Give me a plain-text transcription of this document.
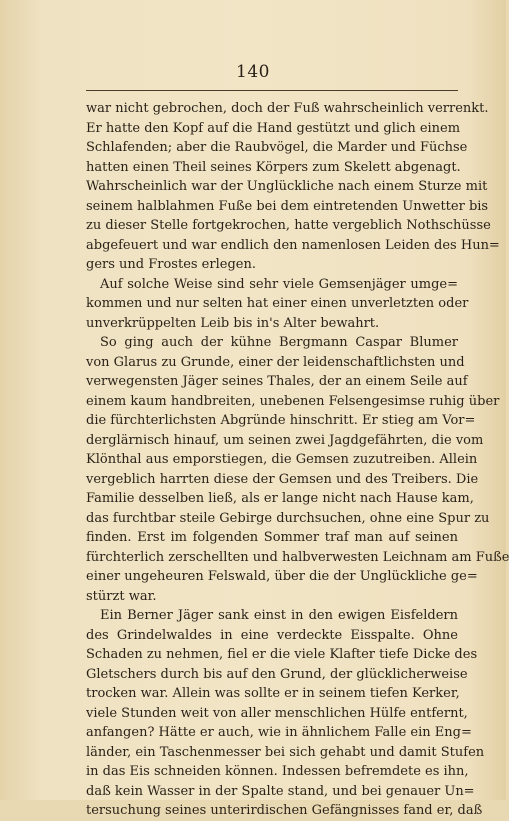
140
war nicht gebrochen, doch der Fuß wahrscheinlich verrenkt.
Er hatte den Kopf auf die Hand gestützt und glich einem
Schlafenden; aber die Raubvögel, die Marder und Füchse
hatten einen Theil seines Körpers zum Skelett abgenagt.
Wahrscheinlich war der Unglückliche nach einem Sturze mit
seinem halblahmen Fuße bei dem eintretenden Unwetter bis
zu dieser Stelle fortgekrochen, hatte vergeblich Nothschüsse
abgefeuert und war endlich den namenlosen Leiden des Hun=
gers und Frostes erlegen.
Auf solche Weise sind sehr viele Gemsenjäger umge=
kommen und nur selten hat einer einen unverletzten oder
unverkrüppelten Leib bis in's Alter bewahrt.
So ging auch der kühne Bergmann Caspar Blumer
von Glarus zu Grunde, einer der leidenschaftlichsten und
verwegensten Jäger seines Thales, der an einem Seile auf
einem kaum handbreiten, unebenen Felsengesimse ruhig über
die fürchterlichsten Abgründe hinschritt. Er stieg am Vor=
derglärnisch hinauf, um seinen zwei Jagdgefährten, die vom
Klönthal aus emporstiegen, die Gemsen zuzutreiben. Allein
vergeblich harrten diese der Gemsen und des Treibers. Die
Familie desselben ließ, als er lange nicht nach Hause kam,
das furchtbar steile Gebirge durchsuchen, ohne eine Spur zu
finden. Erst im folgenden Sommer traf man auf seinen
fürchterlich zerschellten und halbverwesten Leichnam am Fuße
einer ungeheuren Felswald, über die der Unglückliche ge=
stürzt war.
Ein Berner Jäger sank einst in den ewigen Eisfeldern
des Grindelwaldes in eine verdeckte Eisspalte. Ohne
Schaden zu nehmen, fiel er die viele Klafter tiefe Dicke des
Gletschers durch bis auf den Grund, der glücklicherweise
trocken war. Allein was sollte er in seinem tiefen Kerker,
viele Stunden weit von aller menschlichen Hülfe entfernt,
anfangen? Hätte er auch, wie in ähnlichem Falle ein Eng=
länder, ein Taschenmesser bei sich gehabt und damit Stufen
in das Eis schneiden können. Indessen befremdete es ihn,
daß kein Wasser in der Spalte stand, und bei genauer Un=
tersuchung seines unterirdischen Gefängnisses fand er, daß
